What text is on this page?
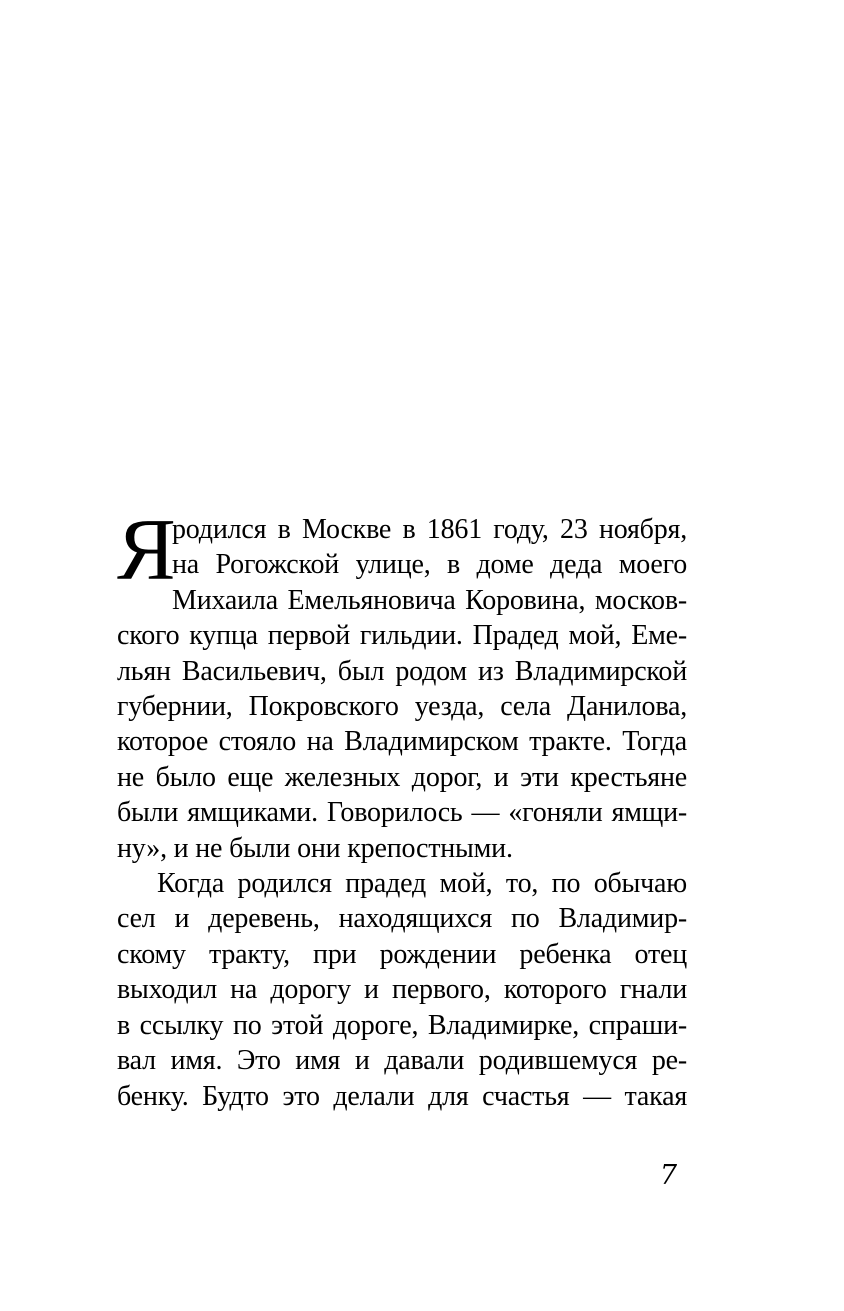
Я
родился в Москве в 1861 году, 23 ноября,
на Рогожской улице, в доме деда моего
Михаила Емельяновича Коровина, москов-
ского купца первой гильдии. Прадед мой, Еме-
льян Васильевич, был родом из Владимирской
губернии, Покровского уезда, села Данилова,
которое стояло на Владимирском тракте. Тогда
не было еще железных дорог, и эти крестьяне
были ямщиками. Говорилось — «гоняли ямщи-
ну», и не были они крепостными.
Когда родился прадед мой, то, по обычаю
сел и деревень, находящихся по Владимир-
скому тракту, при рождении ребенка отец
выходил на дорогу и первого, которого гнали
в ссылку по этой дороге, Владимирке, спраши-
вал имя. Это имя и давали родившемуся ре-
бенку. Будто это делали для счастья — такая
7
